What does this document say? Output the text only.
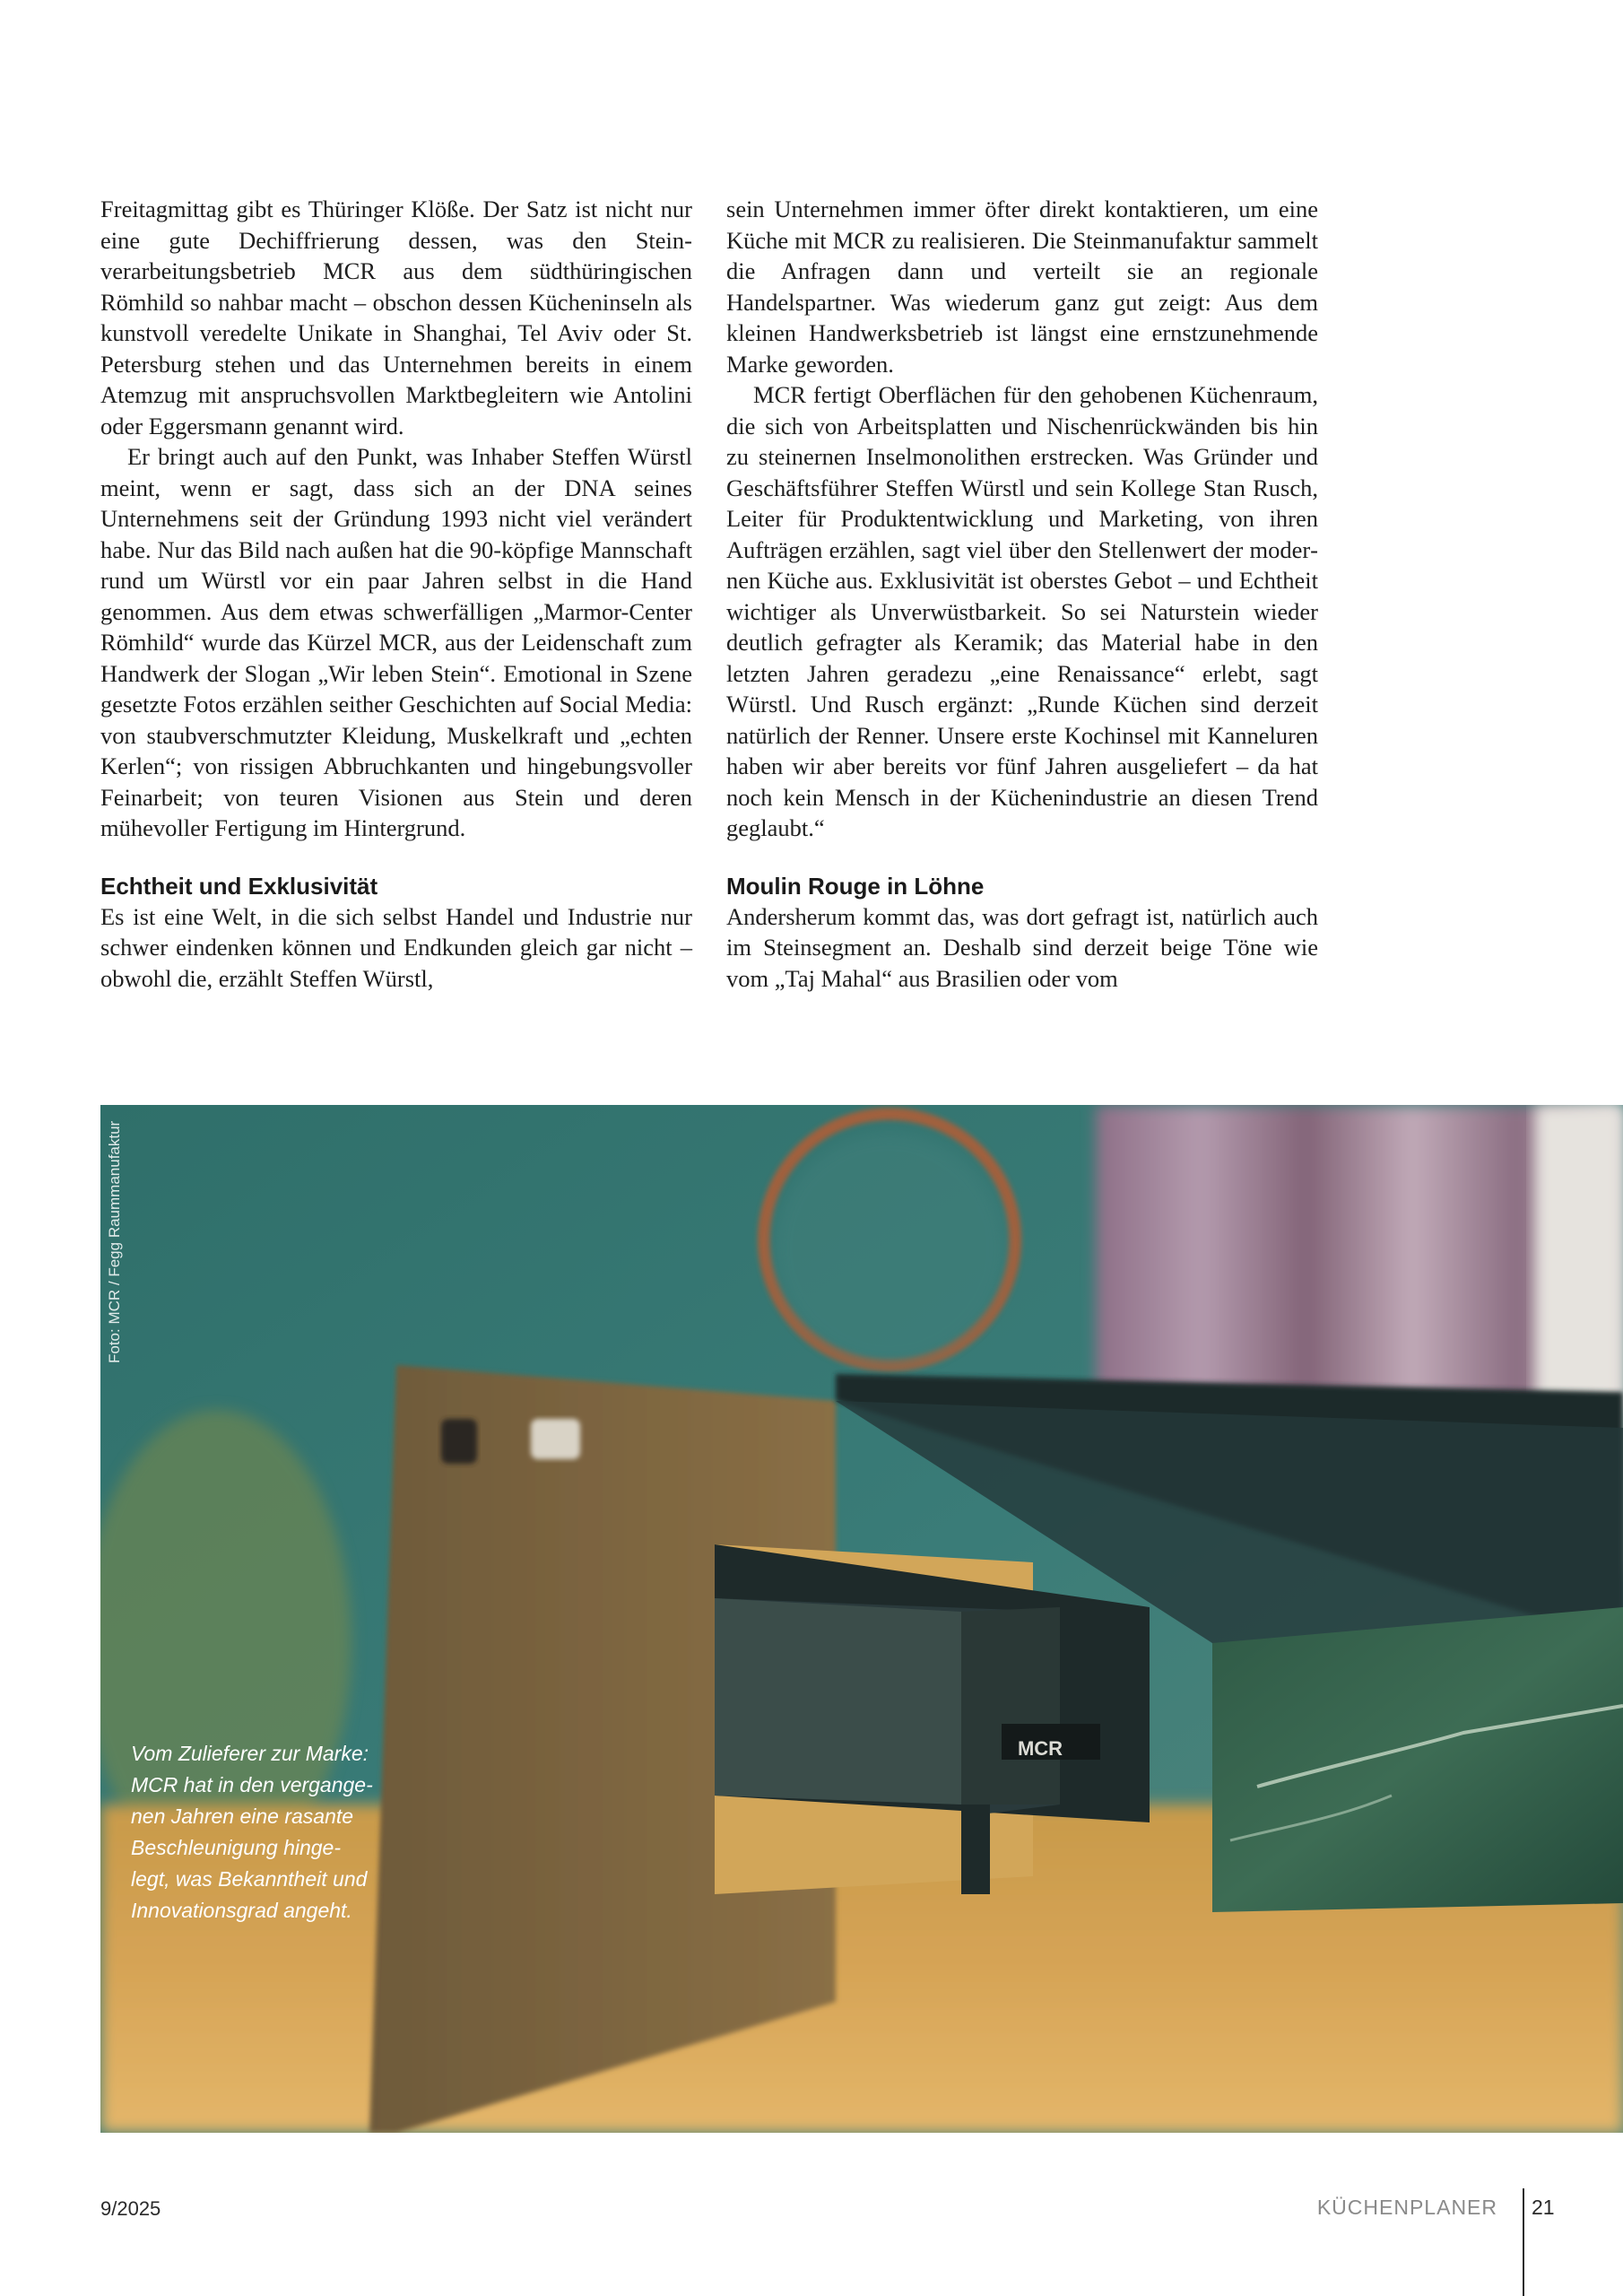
Freitagmittag gibt es Thüringer Klöße. Der Satz ist nicht nur eine gute Dechiffrierung dessen, was den Steinverarbeitungsbetrieb MCR aus dem südthüringischen Römhild so nahbar macht – obschon dessen Kücheninseln als kunstvoll veredelte Unikate in Shanghai, Tel Aviv oder St. Petersburg stehen und das Unternehmen bereits in einem Atemzug mit anspruchsvollen Marktbegleitern wie Antolini oder Eggersmann genannt wird.

Er bringt auch auf den Punkt, was Inhaber Steffen Würstl meint, wenn er sagt, dass sich an der DNA seines Unternehmens seit der Gründung 1993 nicht viel verändert habe. Nur das Bild nach außen hat die 90-köpfige Mannschaft rund um Würstl vor ein paar Jahren selbst in die Hand genommen. Aus dem etwas schwerfälligen „Marmor-Center Römhild“ wurde das Kürzel MCR, aus der Leidenschaft zum Handwerk der Slogan „Wir leben Stein“. Emotional in Szene gesetzte Fotos erzählen seither Geschichten auf Social Media: von staubverschmutzter Kleidung, Muskelkraft und „echten Kerlen“; von rissigen Abbruchkanten und hingebungsvoller Feinarbeit; von teuren Visionen aus Stein und deren mühevoller Fertigung im Hintergrund.

Echtheit und Exklusivität

Es ist eine Welt, in die sich selbst Handel und Industrie nur schwer eindenken können und Endkunden gleich gar nicht – obwohl die, erzählt Steffen Würstl,

sein Unternehmen immer öfter direkt kontaktieren, um eine Küche mit MCR zu realisieren. Die Steinmanufaktur sammelt die Anfragen dann und verteilt sie an regionale Handelspartner. Was wiederum ganz gut zeigt: Aus dem kleinen Handwerksbetrieb ist längst eine ernstzunehmende Marke geworden.

MCR fertigt Oberflächen für den gehobenen Küchenraum, die sich von Arbeitsplatten und Nischenrückwänden bis hin zu steinernen Inselmonolithen erstrecken. Was Gründer und Geschäftsführer Steffen Würstl und sein Kollege Stan Rusch, Leiter für Produktentwicklung und Marketing, von ihren Aufträgen erzählen, sagt viel über den Stellenwert der modernen Küche aus. Exklusivität ist oberstes Gebot – und Echtheit wichtiger als Unverwüstbarkeit. So sei Naturstein wieder deutlich gefragter als Keramik; das Material habe in den letzten Jahren geradezu „eine Renaissance“ erlebt, sagt Würstl. Und Rusch ergänzt: „Runde Küchen sind derzeit natürlich der Renner. Unsere erste Kochinsel mit Kanneluren haben wir aber bereits vor fünf Jahren ausgeliefert – da hat noch kein Mensch in der Küchenindustrie an diesen Trend geglaubt.“

Moulin Rouge in Löhne

Andersherum kommt das, was dort gefragt ist, natürlich auch im Steinsegment an. Deshalb sind derzeit beige Töne wie vom „Taj Mahal“ aus Brasilien oder vom

MCR
Foto: MCR / Fegg Raummanufaktur
Vom Zulieferer zur Marke:
MCR hat in den vergange-
nen Jahren eine rasante
Beschleunigung hinge-
legt, was Bekanntheit und
Innovationsgrad angeht.
9/2025	KÜCHENPLANER 21
